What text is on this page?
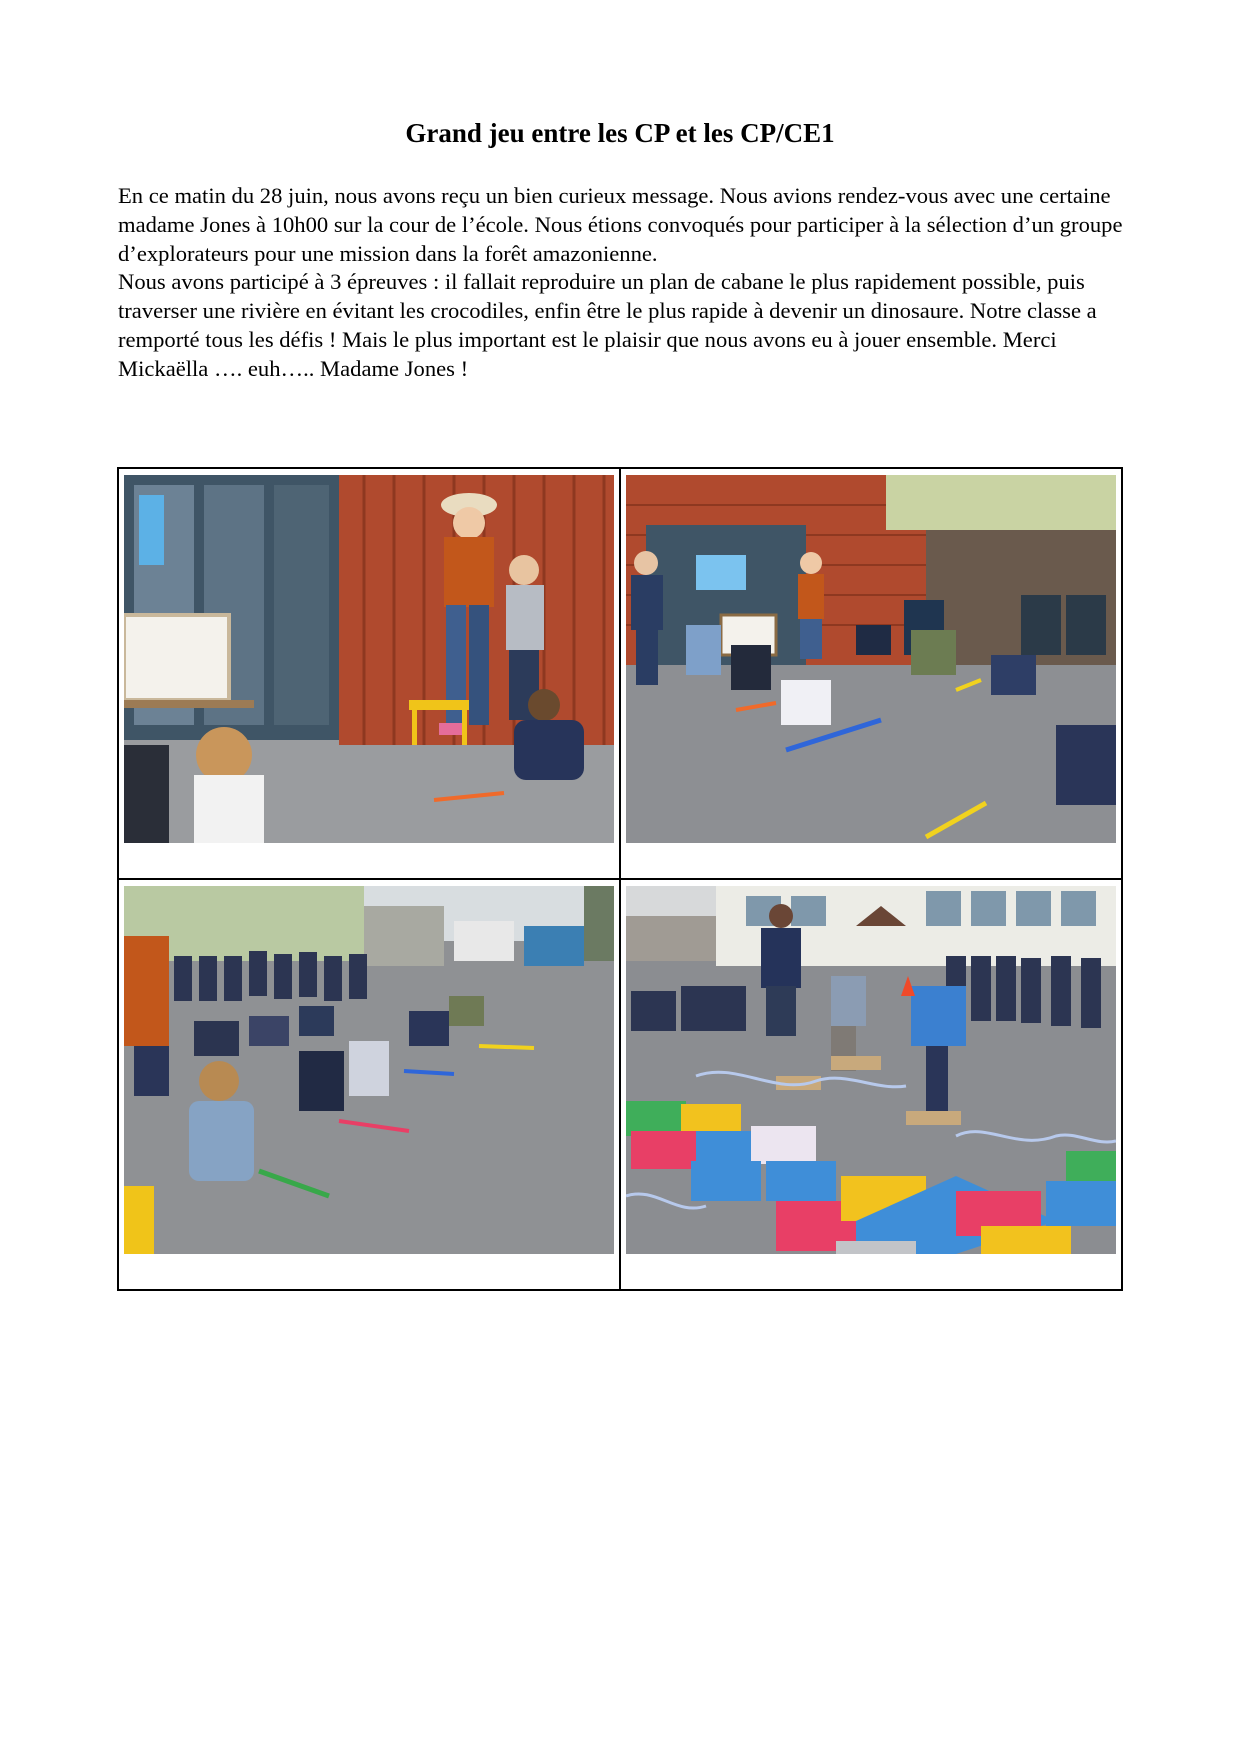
Grand jeu entre les CP et les CP/CE1

En ce matin du 28 juin, nous avons reçu un bien curieux message. Nous avions rendez-vous avec une certaine madame Jones à 10h00 sur la cour de l’école. Nous étions convoqués pour participer à la sélection d’un groupe d’explorateurs pour une mission dans la forêt amazonienne.

Nous avons participé à 3 épreuves : il fallait reproduire un plan de cabane le plus rapidement possible, puis traverser une rivière en évitant les crocodiles, enfin être le plus rapide à devenir un dinosaure. Notre classe a remporté tous les défis ! Mais le plus important est le plaisir que nous avons eu à jouer ensemble. Merci Mickaëlla …. euh….. Madame Jones !
